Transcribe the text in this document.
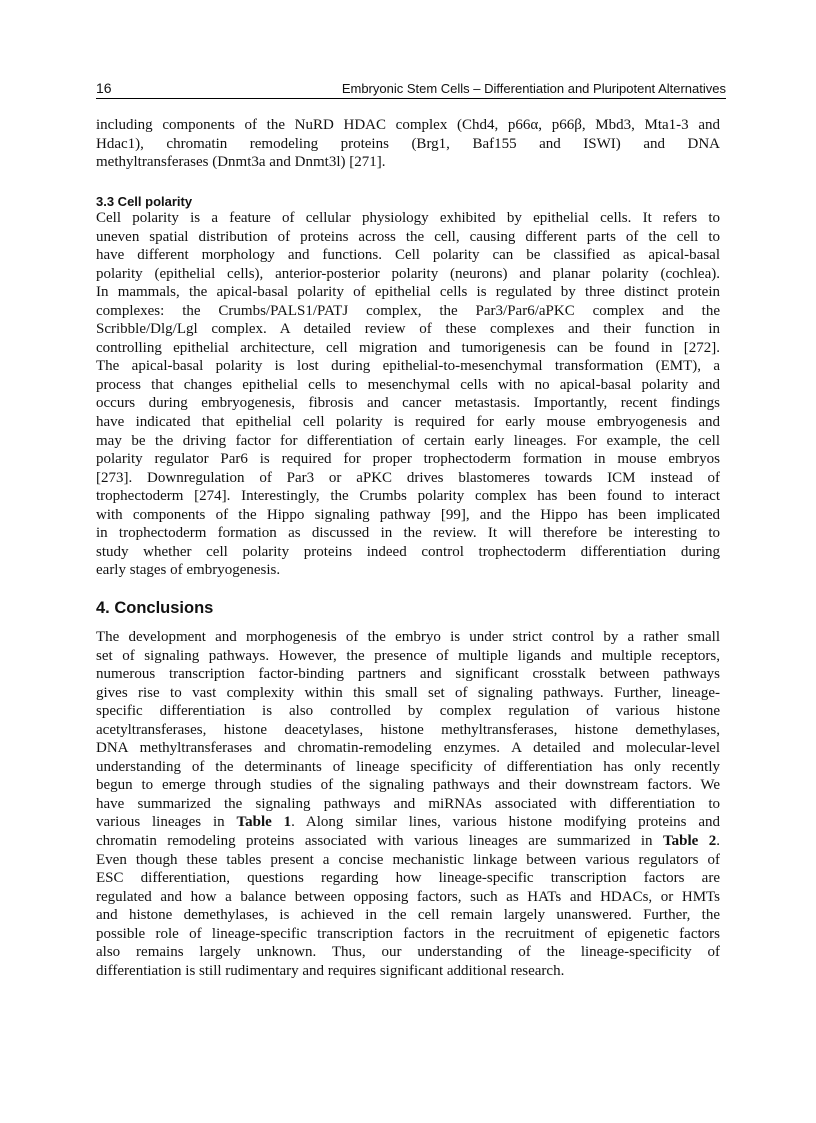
16	Embryonic Stem Cells – Differentiation and Pluripotent Alternatives
including components of the NuRD HDAC complex (Chd4, p66α, p66β, Mbd3, Mta1-3 and
Hdac1), chromatin remodeling proteins (Brg1, Baf155 and ISWI) and DNA
methyltransferases (Dnmt3a and Dnmt3l) [271].
3.3 Cell polarity
Cell polarity is a feature of cellular physiology exhibited by epithelial cells. It refers to
uneven spatial distribution of proteins across the cell, causing different parts of the cell to
have different morphology and functions. Cell polarity can be classified as apical-basal
polarity (epithelial cells), anterior-posterior polarity (neurons) and planar polarity (cochlea).
In mammals, the apical-basal polarity of epithelial cells is regulated by three distinct protein
complexes: the Crumbs/PALS1/PATJ complex, the Par3/Par6/aPKC complex and the
Scribble/Dlg/Lgl complex. A detailed review of these complexes and their function in
controlling epithelial architecture, cell migration and tumorigenesis can be found in [272].
The apical-basal polarity is lost during epithelial-to-mesenchymal transformation (EMT), a
process that changes epithelial cells to mesenchymal cells with no apical-basal polarity and
occurs during embryogenesis, fibrosis and cancer metastasis. Importantly, recent findings
have indicated that epithelial cell polarity is required for early mouse embryogenesis and
may be the driving factor for differentiation of certain early lineages. For example, the cell
polarity regulator Par6 is required for proper trophectoderm formation in mouse embryos
[273]. Downregulation of Par3 or aPKC drives blastomeres towards ICM instead of
trophectoderm [274]. Interestingly, the Crumbs polarity complex has been found to interact
with components of the Hippo signaling pathway [99], and the Hippo has been implicated
in trophectoderm formation as discussed in the review. It will therefore be interesting to
study whether cell polarity proteins indeed control trophectoderm differentiation during
early stages of embryogenesis.
4. Conclusions
The development and morphogenesis of the embryo is under strict control by a rather small
set of signaling pathways. However, the presence of multiple ligands and multiple receptors,
numerous transcription factor-binding partners and significant crosstalk between pathways
gives rise to vast complexity within this small set of signaling pathways. Further, lineage-
specific differentiation is also controlled by complex regulation of various histone
acetyltransferases, histone deacetylases, histone methyltransferases, histone demethylases,
DNA methyltransferases and chromatin-remodeling enzymes. A detailed and molecular-level
understanding of the determinants of lineage specificity of differentiation has only recently
begun to emerge through studies of the signaling pathways and their downstream factors. We
have summarized the signaling pathways and miRNAs associated with differentiation to
various lineages in Table 1. Along similar lines, various histone modifying proteins and
chromatin remodeling proteins associated with various lineages are summarized in Table 2.
Even though these tables present a concise mechanistic linkage between various regulators of
ESC differentiation, questions regarding how lineage-specific transcription factors are
regulated and how a balance between opposing factors, such as HATs and HDACs, or HMTs
and histone demethylases, is achieved in the cell remain largely unanswered. Further, the
possible role of lineage-specific transcription factors in the recruitment of epigenetic factors
also remains largely unknown. Thus, our understanding of the lineage-specificity of
differentiation is still rudimentary and requires significant additional research.
